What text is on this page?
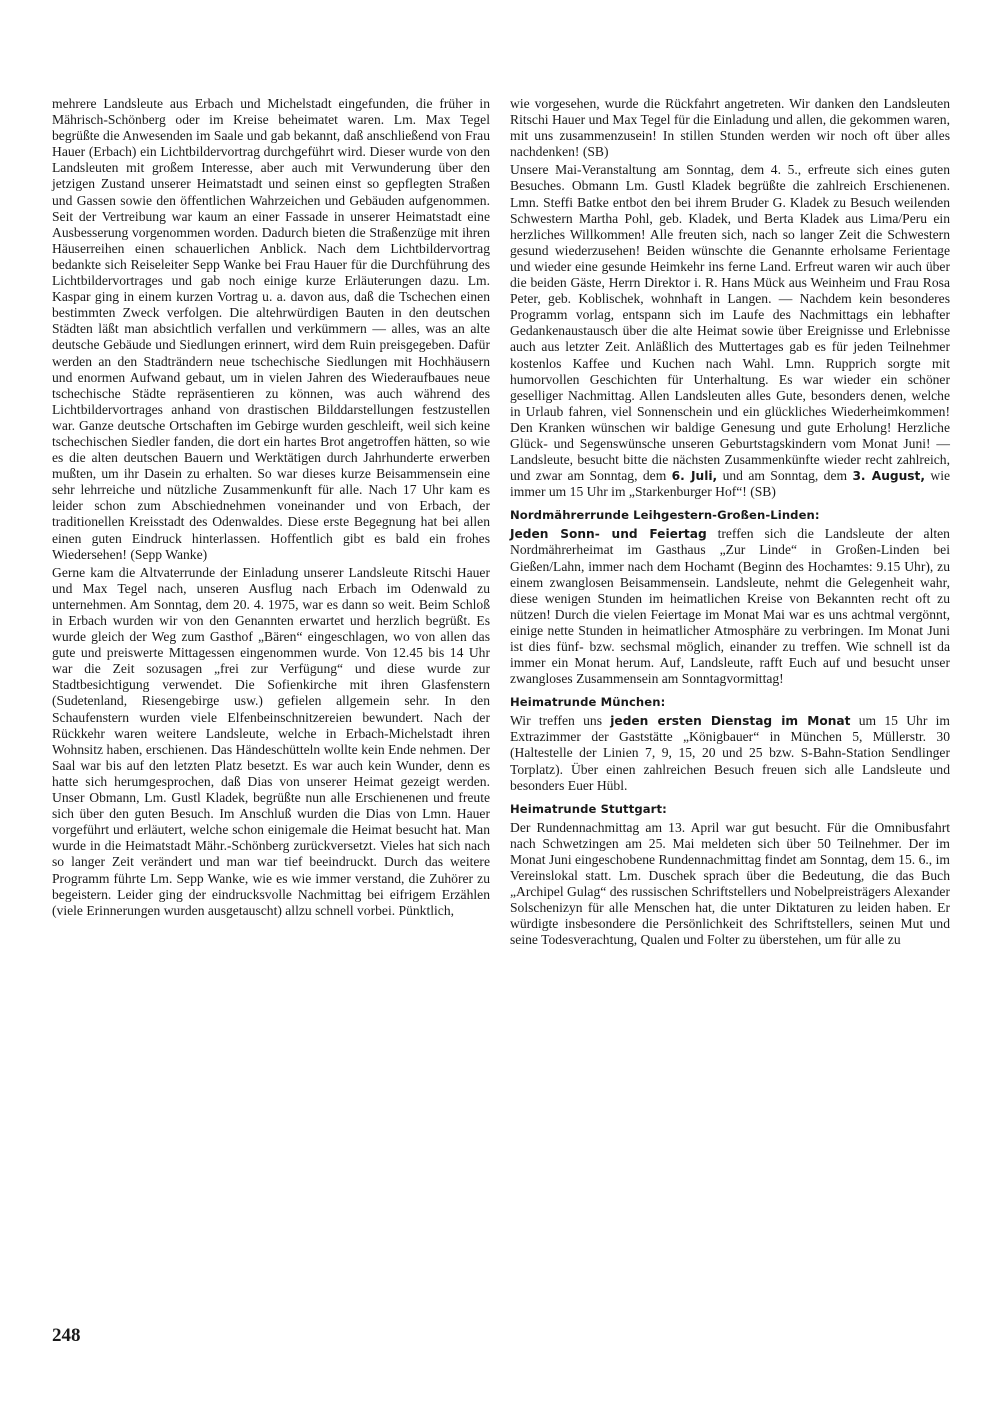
mehrere Landsleute aus Erbach und Michelstadt eingefunden, die früher in Mährisch-Schönberg oder im Kreise beheimatet waren. Lm. Max Tegel begrüßte die Anwesenden im Saale und gab bekannt, daß anschließend von Frau Hauer (Erbach) ein Lichtbildervortrag durchgeführt wird. Dieser wurde von den Landsleuten mit großem Interesse, aber auch mit Verwunderung über den jetzigen Zustand unserer Heimatstadt und seinen einst so gepflegten Straßen und Gassen sowie den öffentlichen Wahrzeichen und Gebäuden aufgenommen. Seit der Vertreibung war kaum an einer Fassade in unserer Heimatstadt eine Ausbesserung vorgenommen worden. Dadurch bieten die Straßenzüge mit ihren Häuserreihen einen schauerlichen Anblick. Nach dem Lichtbildervortrag bedankte sich Reiseleiter Sepp Wanke bei Frau Hauer für die Durchführung des Lichtbildervortrages und gab noch einige kurze Erläuterungen dazu. Lm. Kaspar ging in einem kurzen Vortrag u. a. davon aus, daß die Tschechen einen bestimmten Zweck verfolgen. Die altehrwürdigen Bauten in den deutschen Städten läßt man absichtlich verfallen und verkümmern — alles, was an alte deutsche Gebäude und Siedlungen erinnert, wird dem Ruin preisgegeben. Dafür werden an den Stadträndern neue tschechische Siedlungen mit Hochhäusern und enormen Aufwand gebaut, um in vielen Jahren des Wiederaufbaues neue tschechische Städte repräsentieren zu können, was auch während des Lichtbildervortrages anhand von drastischen Bilddarstellungen festzustellen war. Ganze deutsche Ortschaften im Gebirge wurden geschleift, weil sich keine tschechischen Siedler fanden, die dort ein hartes Brot angetroffen hätten, so wie es die alten deutschen Bauern und Werktätigen durch Jahrhunderte erwerben mußten, um ihr Dasein zu erhalten. So war dieses kurze Beisammensein eine sehr lehrreiche und nützliche Zusammenkunft für alle. Nach 17 Uhr kam es leider schon zum Abschiednehmen voneinander und von Erbach, der traditionellen Kreisstadt des Odenwaldes. Diese erste Begegnung hat bei allen einen guten Eindruck hinterlassen. Hoffentlich gibt es bald ein frohes Wiedersehen! (Sepp Wanke)

Gerne kam die Altvaterrunde der Einladung unserer Landsleute Ritschi Hauer und Max Tegel nach, unseren Ausflug nach Erbach im Odenwald zu unternehmen. Am Sonntag, dem 20. 4. 1975, war es dann so weit. Beim Schloß in Erbach wurden wir von den Genannten erwartet und herzlich begrüßt. Es wurde gleich der Weg zum Gasthof „Bären“ eingeschlagen, wo von allen das gute und preiswerte Mittagessen eingenommen wurde. Von 12.45 bis 14 Uhr war die Zeit sozusagen „frei zur Verfügung“ und diese wurde zur Stadtbesichtigung verwendet. Die Sofienkirche mit ihren Glasfenstern (Sudetenland, Riesengebirge usw.) gefielen allgemein sehr. In den Schaufenstern wurden viele Elfenbeinschnitzereien bewundert. Nach der Rückkehr waren weitere Landsleute, welche in Erbach-Michelstadt ihren Wohnsitz haben, erschienen. Das Händeschütteln wollte kein Ende nehmen. Der Saal war bis auf den letzten Platz besetzt. Es war auch kein Wunder, denn es hatte sich herumgesprochen, daß Dias von unserer Heimat gezeigt werden. Unser Obmann, Lm. Gustl Kladek, begrüßte nun alle Erschienenen und freute sich über den guten Besuch. Im Anschluß wurden die Dias von Lmn. Hauer vorgeführt und erläutert, welche schon einigemale die Heimat besucht hat. Man wurde in die Heimatstadt Mähr.-Schönberg zurückversetzt. Vieles hat sich nach so langer Zeit verändert und man war tief beeindruckt. Durch das weitere Programm führte Lm. Sepp Wanke, wie es wie immer verstand, die Zuhörer zu begeistern. Leider ging der eindrucksvolle Nachmittag bei eifrigem Erzählen (viele Erinnerungen wurden ausgetauscht) allzu schnell vorbei. Pünktlich,

wie vorgesehen, wurde die Rückfahrt angetreten. Wir danken den Landsleuten Ritschi Hauer und Max Tegel für die Einladung und allen, die gekommen waren, mit uns zusammenzusein! In stillen Stunden werden wir noch oft über alles nachdenken! (SB)

Unsere Mai-Veranstaltung am Sonntag, dem 4. 5., erfreute sich eines guten Besuches. Obmann Lm. Gustl Kladek begrüßte die zahlreich Erschienenen. Lmn. Steffi Batke entbot den bei ihrem Bruder G. Kladek zu Besuch weilenden Schwestern Martha Pohl, geb. Kladek, und Berta Kladek aus Lima/Peru ein herzliches Willkommen! Alle freuten sich, nach so langer Zeit die Schwestern gesund wiederzusehen! Beiden wünschte die Genannte erholsame Ferientage und wieder eine gesunde Heimkehr ins ferne Land. Erfreut waren wir auch über die beiden Gäste, Herrn Direktor i. R. Hans Mück aus Weinheim und Frau Rosa Peter, geb. Koblischek, wohnhaft in Langen. — Nachdem kein besonderes Programm vorlag, entspann sich im Laufe des Nachmittags ein lebhafter Gedankenaustausch über die alte Heimat sowie über Ereignisse und Erlebnisse auch aus letzter Zeit. Anläßlich des Muttertages gab es für jeden Teilnehmer kostenlos Kaffee und Kuchen nach Wahl. Lmn. Rupprich sorgte mit humorvollen Geschichten für Unterhaltung. Es war wieder ein schöner geselliger Nachmittag. Allen Landsleuten alles Gute, besonders denen, welche in Urlaub fahren, viel Sonnenschein und ein glückliches Wiederheimkommen! Den Kranken wünschen wir baldige Genesung und gute Erholung! Herzliche Glück- und Segenswünsche unseren Geburtstagskindern vom Monat Juni! — Landsleute, besucht bitte die nächsten Zusammenkünfte wieder recht zahlreich, und zwar am Sonntag, dem 6. Juli, und am Sonntag, dem 3. August, wie immer um 15 Uhr im „Starkenburger Hof“! (SB)

Nordmährerrunde Leihgestern-Großen-Linden:

Jeden Sonn- und Feiertag treffen sich die Landsleute der alten Nordmährerheimat im Gasthaus „Zur Linde“ in Großen-Linden bei Gießen/Lahn, immer nach dem Hochamt (Beginn des Hochamtes: 9.15 Uhr), zu einem zwanglosen Beisammensein. Landsleute, nehmt die Gelegenheit wahr, diese wenigen Stunden im heimatlichen Kreise von Bekannten recht oft zu nützen! Durch die vielen Feiertage im Monat Mai war es uns achtmal vergönnt, einige nette Stunden in heimatlicher Atmosphäre zu verbringen. Im Monat Juni ist dies fünf- bzw. sechsmal möglich, einander zu treffen. Wie schnell ist da immer ein Monat herum. Auf, Landsleute, rafft Euch auf und besucht unser zwangloses Zusammensein am Sonntagvormittag!

Heimatrunde München:

Wir treffen uns jeden ersten Dienstag im Monat um 15 Uhr im Extrazimmer der Gaststätte „Königbauer“ in München 5, Müllerstr. 30 (Haltestelle der Linien 7, 9, 15, 20 und 25 bzw. S-Bahn-Station Sendlinger Torplatz). Über einen zahlreichen Besuch freuen sich alle Landsleute und besonders Euer Hübl.

Heimatrunde Stuttgart:

Der Rundennachmittag am 13. April war gut besucht. Für die Omnibusfahrt nach Schwetzingen am 25. Mai meldeten sich über 50 Teilnehmer. Der im Monat Juni eingeschobene Rundennachmittag findet am Sonntag, dem 15. 6., im Vereinslokal statt. Lm. Duschek sprach über die Bedeutung, die das Buch „Archipel Gulag“ des russischen Schriftstellers und Nobelpreisträgers Alexander Solschenizyn für alle Menschen hat, die unter Diktaturen zu leiden haben. Er würdigte insbesondere die Persönlichkeit des Schriftstellers, seinen Mut und seine Todesverachtung, Qualen und Folter zu überstehen, um für alle zu

248
